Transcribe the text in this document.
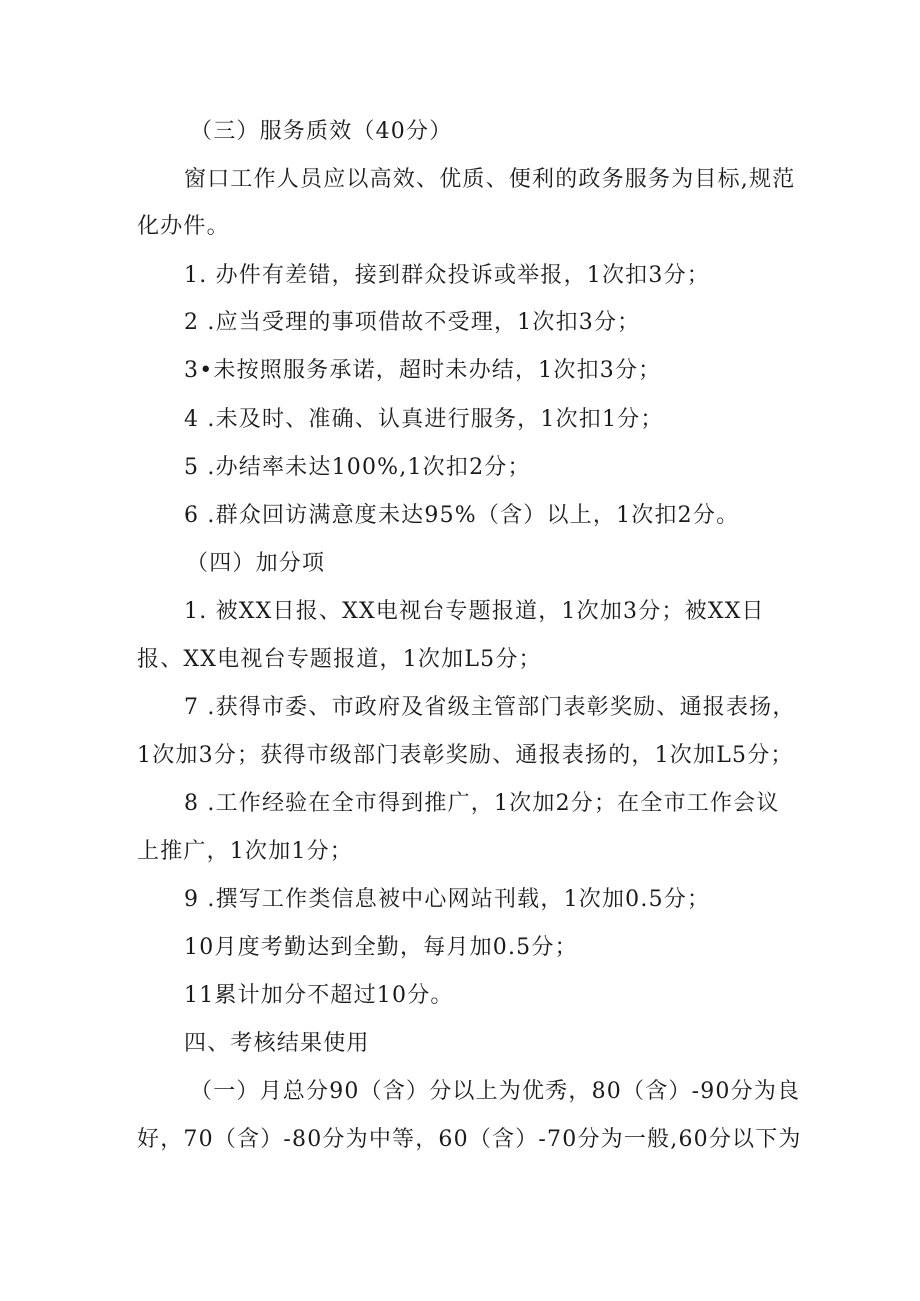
（三）服务质效（40分）
窗口工作人员应以高效、优质、便利的政务服务为目标,规范
化办件。
1. 办件有差错，接到群众投诉或举报，1次扣3分；
2 .应当受理的事项借故不受理，1次扣3分；
3•未按照服务承诺，超时未办结，1次扣3分；
4 .未及时、准确、认真进行服务，1次扣1分；
5 .办结率未达100%,1次扣2分；
6 .群众回访满意度未达95%（含）以上，1次扣2分。
（四）加分项
1. 被XX日报、XX电视台专题报道，1次加3分；被XX日
报、XX电视台专题报道，1次加L5分；
7 .获得市委、市政府及省级主管部门表彰奖励、通报表扬，
1次加3分；获得市级部门表彰奖励、通报表扬的，1次加L5分；
8 .工作经验在全市得到推广，1次加2分；在全市工作会议
上推广，1次加1分；
9 .撰写工作类信息被中心网站刊载，1次加0.5分；
10月度考勤达到全勤，每月加0.5分；
11累计加分不超过10分。
四、考核结果使用
（一）月总分90（含）分以上为优秀，80（含）-90分为良
好，70（含）-80分为中等，60（含）-70分为一般,60分以下为
